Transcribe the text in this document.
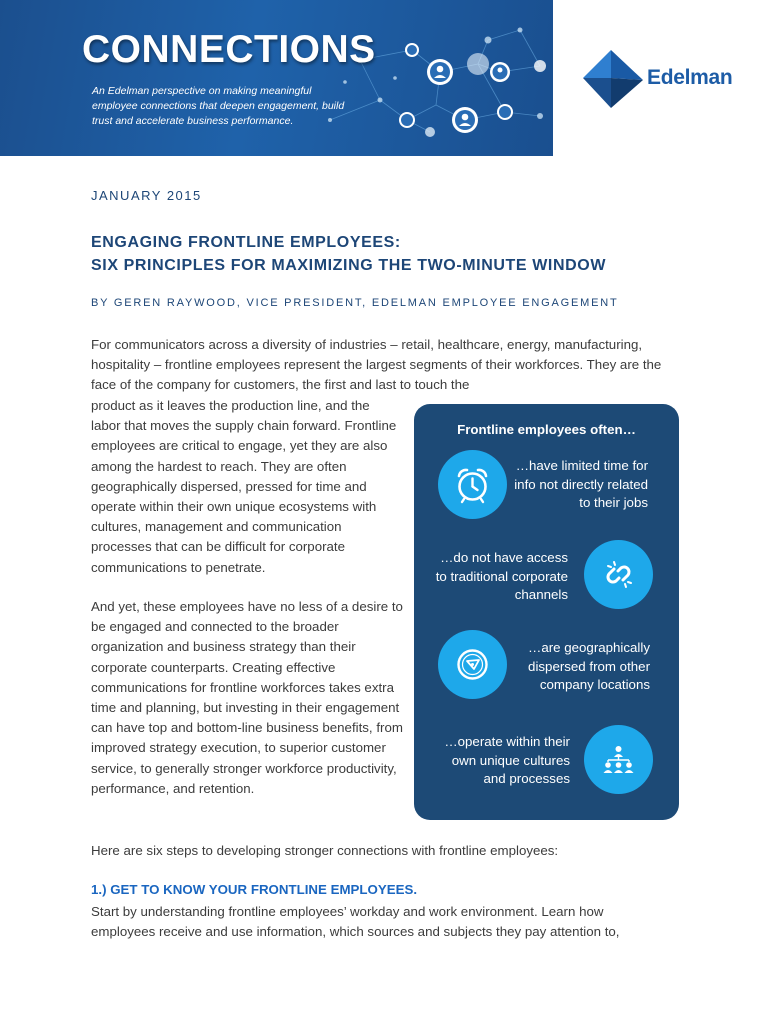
CONNECTIONS
An Edelman perspective on making meaningful employee connections that deepen engagement, build trust and accelerate business performance.
Edelman
JANUARY 2015
ENGAGING FRONTLINE EMPLOYEES:
SIX PRINCIPLES FOR MAXIMIZING THE TWO-MINUTE WINDOW
BY GEREN RAYWOOD, VICE PRESIDENT, EDELMAN EMPLOYEE ENGAGEMENT
For communicators across a diversity of industries – retail, healthcare, energy, manufacturing, hospitality – frontline employees represent the largest segments of their workforces. They are the face of the company for customers, the first and last to touch the
product as it leaves the production line, and the labor that moves the supply chain forward. Frontline employees are critical to engage, yet they are also among the hardest to reach. They are often geographically dispersed, pressed for time and operate within their own unique ecosystems with cultures, management and communication processes that can be difficult for corporate communications to penetrate.
And yet, these employees have no less of a desire to be engaged and connected to the broader organization and business strategy than their corporate counterparts. Creating effective communications for frontline workforces takes extra time and planning, but investing in their engagement can have top and bottom-line business benefits, from improved strategy execution, to superior customer service, to generally stronger workforce productivity, performance, and retention.
Here are six steps to developing stronger connections with frontline employees:
1.) GET TO KNOW YOUR FRONTLINE EMPLOYEES.
Start by understanding frontline employees’ workday and work environment. Learn how employees receive and use information, which sources and subjects they pay attention to,
Frontline employees often…
…have limited time for info not directly related to their jobs
…do not have access to traditional corporate channels
…are geographically dispersed from other company locations
…operate within their own unique cultures and processes
